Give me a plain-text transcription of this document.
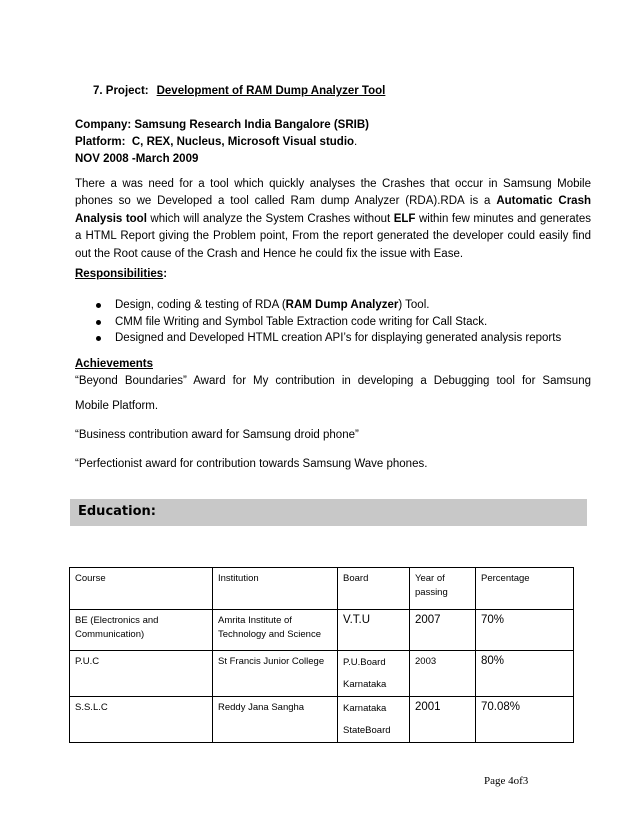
7. Project: Development of RAM Dump Analyzer Tool
Company: Samsung Research India Bangalore (SRIB)
Platform: C, REX, Nucleus, Microsoft Visual studio.
NOV 2008 -March 2009
There a was need for a tool which quickly analyses the Crashes that occur in Samsung Mobile phones so we Developed a tool called Ram dump Analyzer (RDA).RDA is a Automatic Crash Analysis tool which will analyze the System Crashes without ELF within few minutes and generates a HTML Report giving the Problem point, From the report generated the developer could easily find out the Root cause of the Crash and Hence he could fix the issue with Ease.
Responsibilities:
Design, coding & testing of RDA (RAM Dump Analyzer) Tool.
CMM file Writing and Symbol Table Extraction code writing for Call Stack.
Designed and Developed HTML creation API’s for displaying generated analysis reports
Achievements
“Beyond Boundaries” Award for My contribution in developing a Debugging tool for Samsung
Mobile Platform.
“Business contribution award for Samsung droid phone”
“Perfectionist award for contribution towards Samsung Wave phones.
Education:
Course	Institution	Board	Year of passing	Percentage
BE (Electronics and Communication)	Amrita Institute of Technology and Science	V.T.U	2007	70%
P.U.C	St Francis Junior College	P.U.Board Karnataka	2003	80%
S.S.L.C	Reddy Jana Sangha	Karnataka StateBoard	2001	70.08%
Page 4of3
